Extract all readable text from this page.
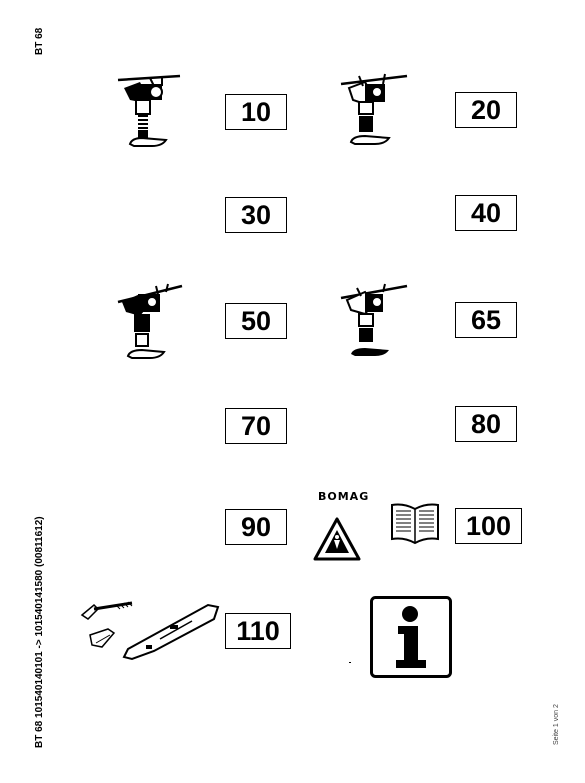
BT 68
BT 68 101540140101 -> 101540141580 (00811612)	Seite 1 von 2
10	20
30	40
50	65
70	80
90	100
110
BOMAG
